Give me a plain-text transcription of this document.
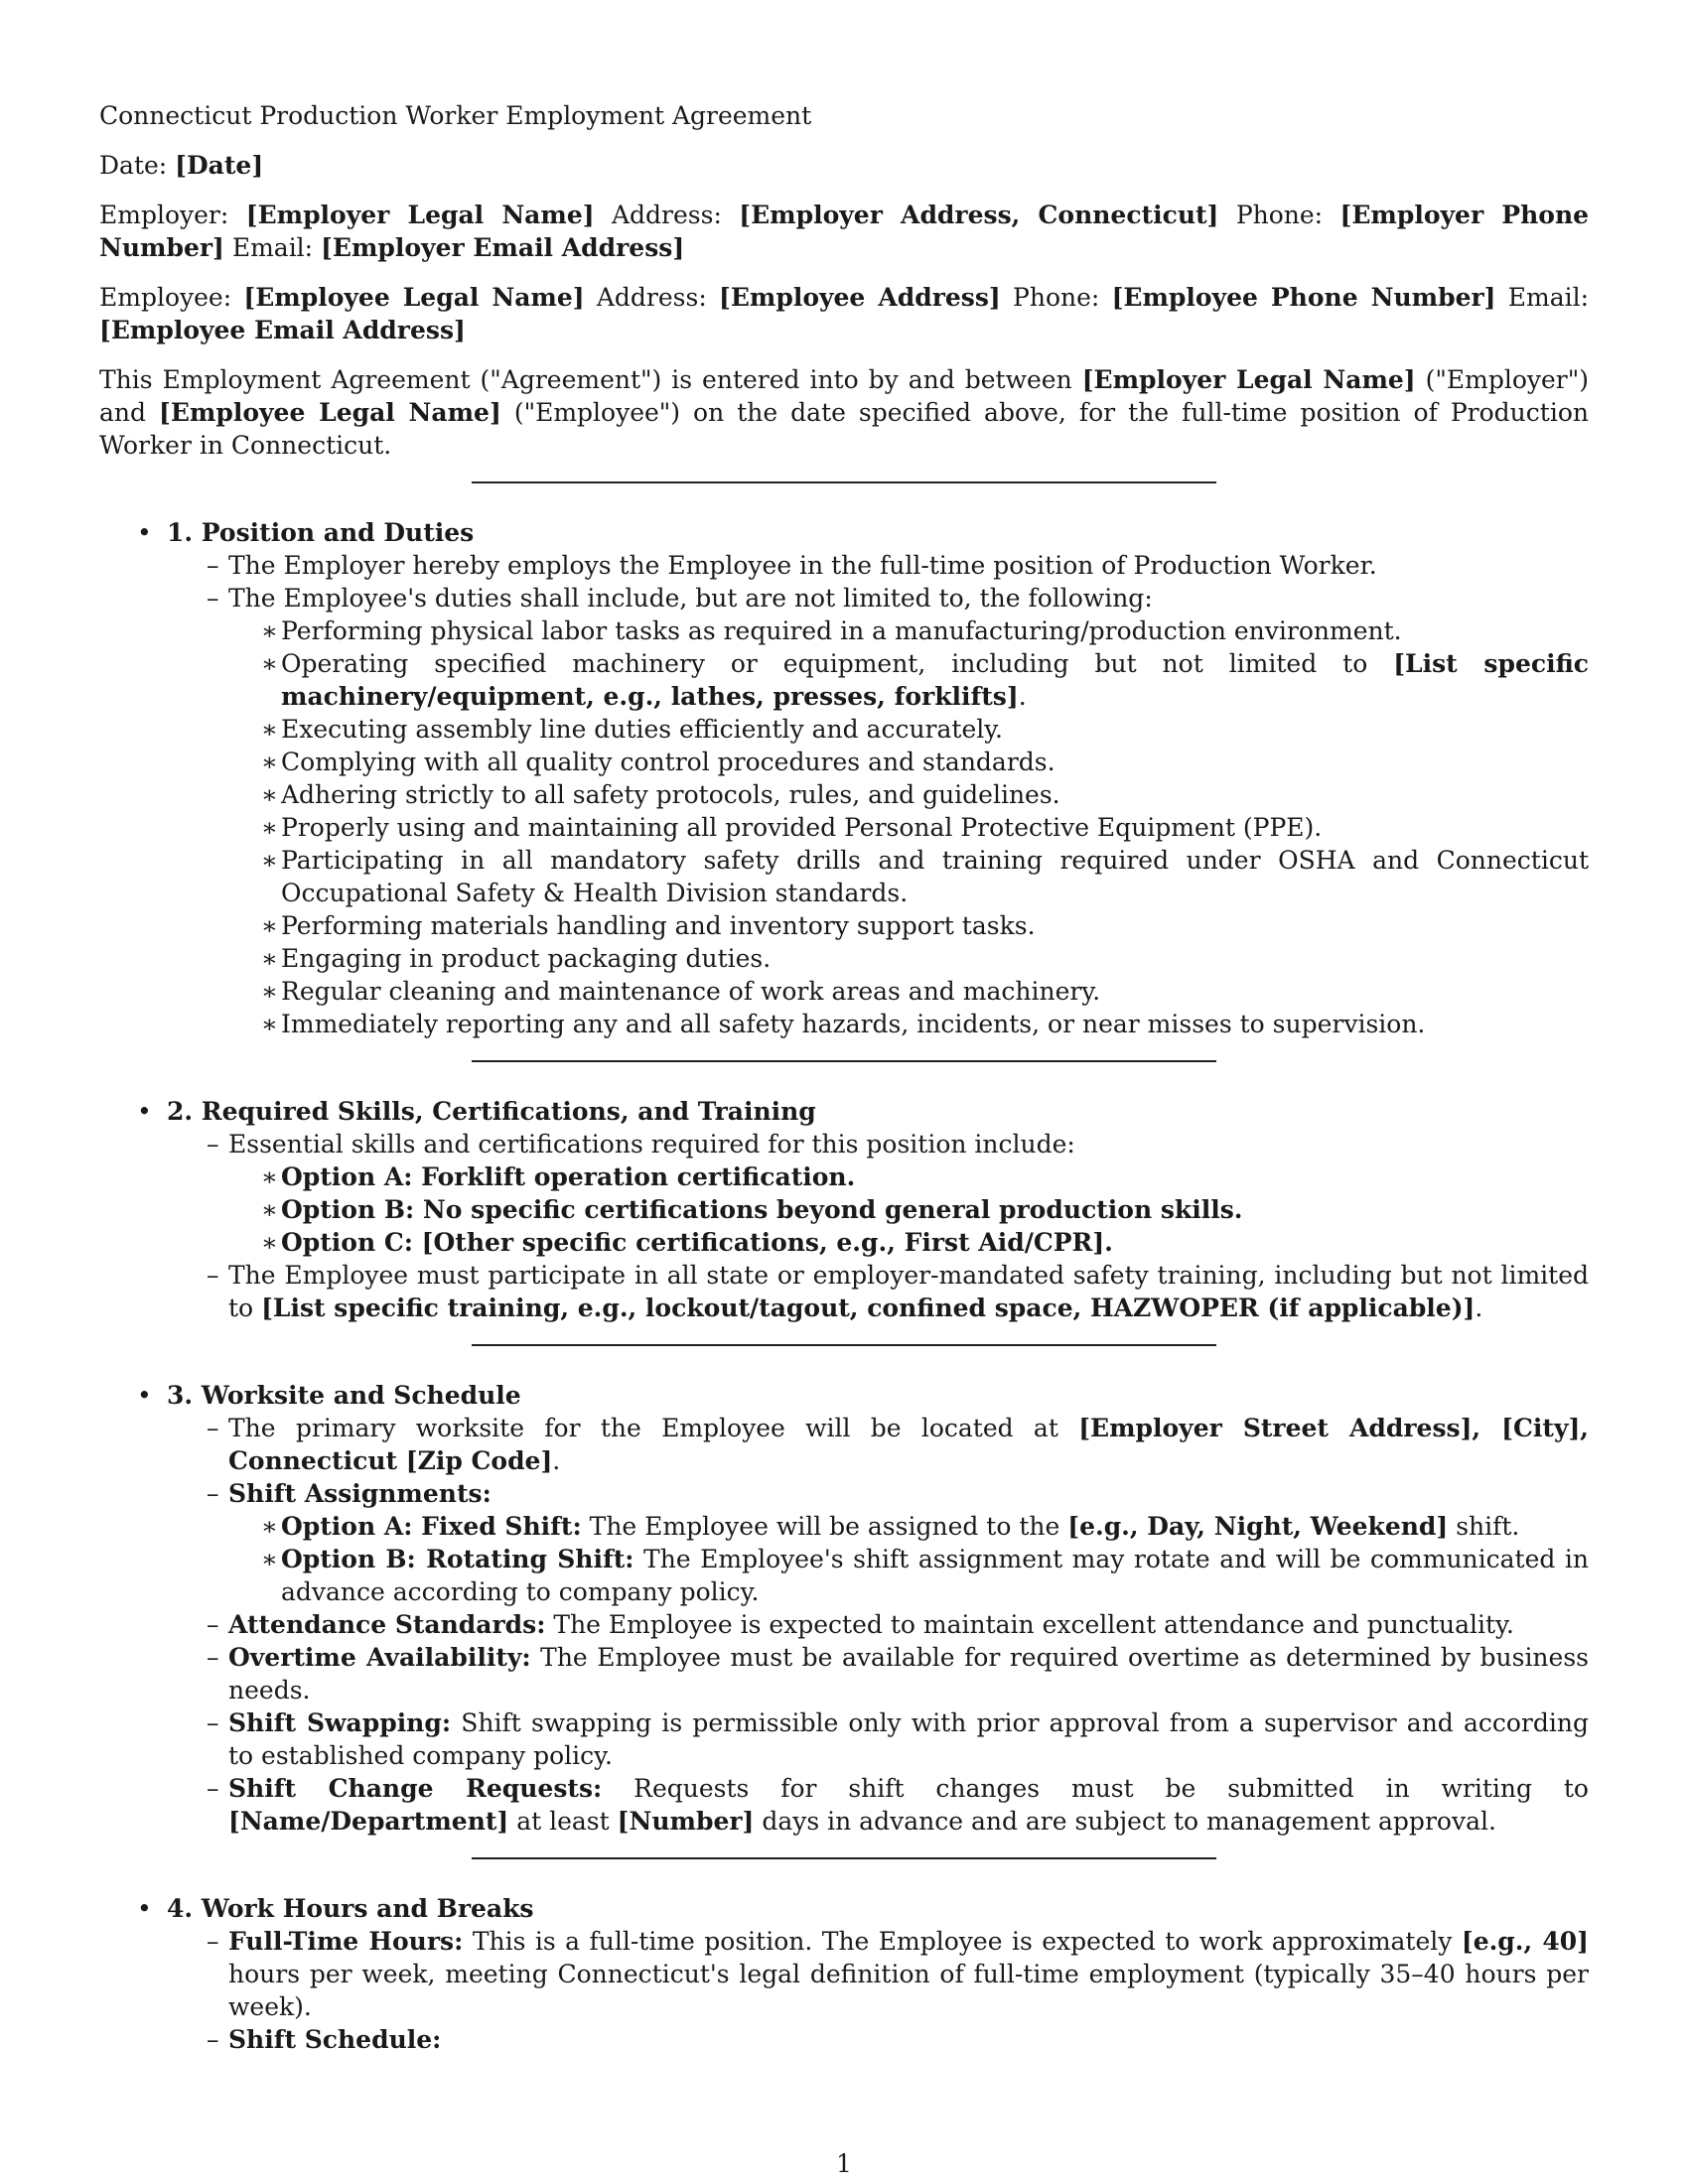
Connecticut Production Worker Employment Agreement

Date: [Date]

Employer: [Employer Legal Name] Address: [Employer Address, Connecticut] Phone: [Employer Phone Number] Email: [Employer Email Address]

Employee: [Employee Legal Name] Address: [Employee Address] Phone: [Employee Phone Number] Email: [Employee Email Address]

This Employment Agreement ("Agreement") is entered into by and between [Employer Legal Name] ("Employer") and [Employee Legal Name] ("Employee") on the date specified above, for the full-time position of Production Worker in Connecticut.

• 1. Position and Duties
– The Employer hereby employs the Employee in the full-time position of Production Worker.
– The Employee's duties shall include, but are not limited to, the following:
∗ Performing physical labor tasks as required in a manufacturing/production environment.
∗ Operating specified machinery or equipment, including but not limited to [List specific machinery/equipment, e.g., lathes, presses, forklifts].
∗ Executing assembly line duties efficiently and accurately.
∗ Complying with all quality control procedures and standards.
∗ Adhering strictly to all safety protocols, rules, and guidelines.
∗ Properly using and maintaining all provided Personal Protective Equipment (PPE).
∗ Participating in all mandatory safety drills and training required under OSHA and Connecticut Occupational Safety & Health Division standards.
∗ Performing materials handling and inventory support tasks.
∗ Engaging in product packaging duties.
∗ Regular cleaning and maintenance of work areas and machinery.
∗ Immediately reporting any and all safety hazards, incidents, or near misses to supervision.
• 2. Required Skills, Certifications, and Training
– Essential skills and certifications required for this position include:
∗ Option A: Forklift operation certification.
∗ Option B: No specific certifications beyond general production skills.
∗ Option C: [Other specific certifications, e.g., First Aid/CPR].
– The Employee must participate in all state or employer-mandated safety training, including but not limited to [List specific training, e.g., lockout/tagout, confined space, HAZWOPER (if applicable)].
• 3. Worksite and Schedule
– The primary worksite for the Employee will be located at [Employer Street Address], [City], Connecticut [Zip Code].
– Shift Assignments:
∗ Option A: Fixed Shift: The Employee will be assigned to the [e.g., Day, Night, Weekend] shift.
∗ Option B: Rotating Shift: The Employee's shift assignment may rotate and will be communicated in advance according to company policy.
– Attendance Standards: The Employee is expected to maintain excellent attendance and punctuality.
– Overtime Availability: The Employee must be available for required overtime as determined by business needs.
– Shift Swapping: Shift swapping is permissible only with prior approval from a supervisor and according to established company policy.
– Shift Change Requests: Requests for shift changes must be submitted in writing to [Name/Department] at least [Number] days in advance and are subject to management approval.
• 4. Work Hours and Breaks
– Full-Time Hours: This is a full-time position. The Employee is expected to work approximately [e.g., 40] hours per week, meeting Connecticut's legal definition of full-time employment (typically 35–40 hours per week).
– Shift Schedule:
1
